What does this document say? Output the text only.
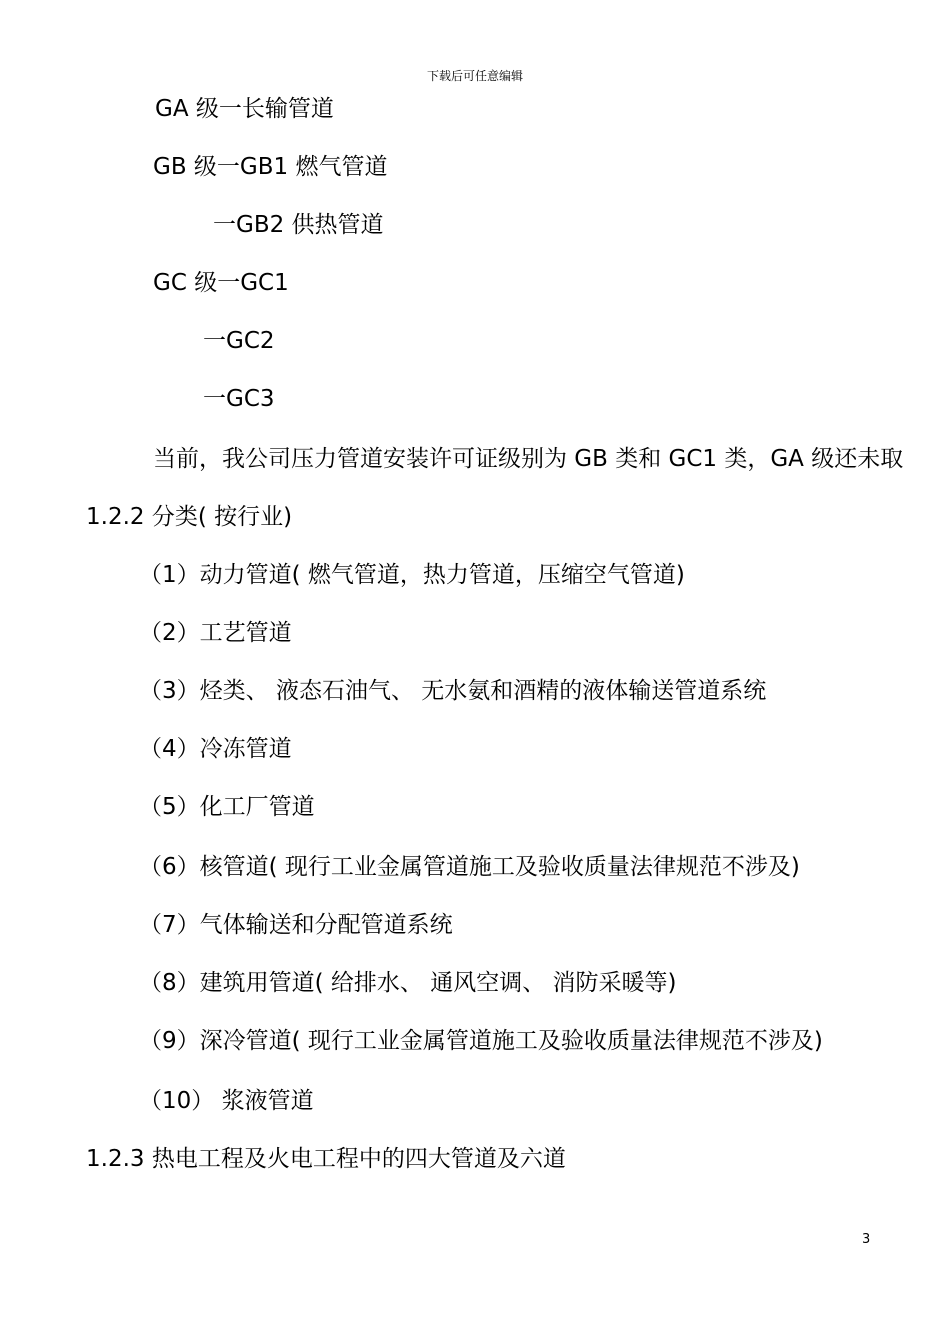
下载后可任意编辑
GA 级一长输管道
GB 级一GB1 燃气管道
一GB2 供热管道
GC 级一GC1
一GC2
一GC3
当前，我公司压力管道安装许可证级别为 GB 类和 GC1 类，GA 级还未取
1.2.2 分类( 按行业)
（1）动力管道( 燃气管道，热力管道，压缩空气管道)
（2）工艺管道
（3）烃类、 液态石油气、 无水氨和酒精的液体输送管道系统
（4）冷冻管道
（5）化工厂管道
（6）核管道( 现行工业金属管道施工及验收质量法律规范不涉及)
（7）气体输送和分配管道系统
（8）建筑用管道( 给排水、 通风空调、 消防采暖等)
（9）深冷管道( 现行工业金属管道施工及验收质量法律规范不涉及)
（10） 浆液管道
1.2.3 热电工程及火电工程中的四大管道及六道
3
